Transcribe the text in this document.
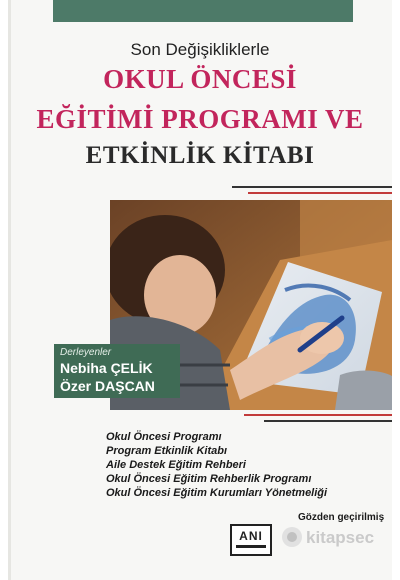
Son Değişikliklerle
OKUL ÖNCESİ
EĞİTİMİ PROGRAMI VE
ETKİNLİK KİTABI
Derleyenler
Nebiha ÇELİK
Özer DAŞCAN
Okul Öncesi Programı
Program Etkinlik Kitabı
Aile Destek Eğitim Rehberi
Okul Öncesi Eğitim Rehberlik Programı
Okul Öncesi Eğitim Kurumları Yönetmeliği
Gözden geçirilmiş
ANI	kitapsec
